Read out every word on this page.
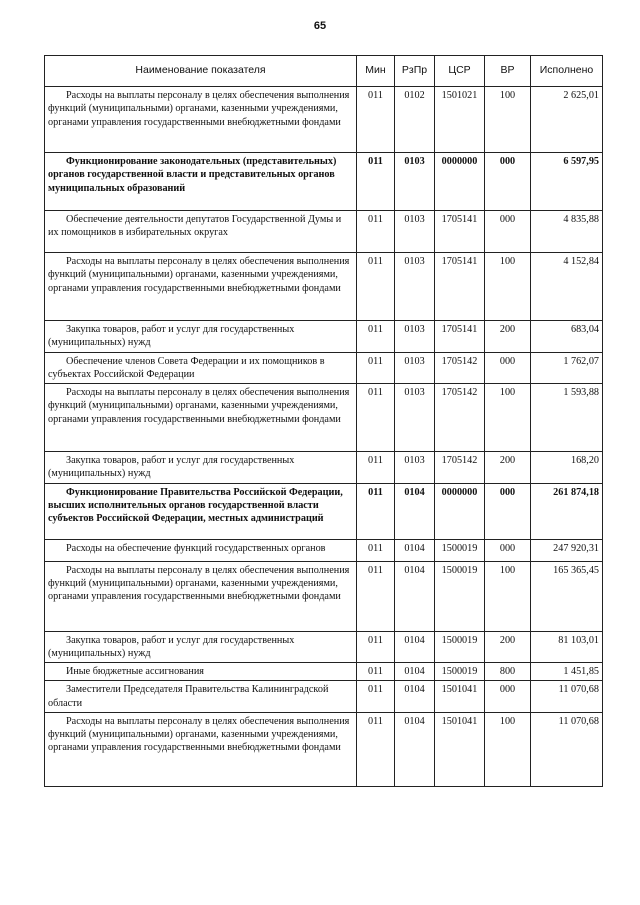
65
Наименование показателя	Мин	РзПр	ЦСР	ВР	Исполнено
Расходы на выплаты персоналу в целях обеспечения выполнения функций (муниципальными) органами, казенными учреждениями, органами управления государственными внебюджетными фондами	011	0102	1501021	100	2 625,01
Функционирование законодательных (представительных) органов государственной власти и представительных органов муниципальных образований	011	0103	0000000	000	6 597,95
Обеспечение деятельности депутатов Государственной Думы и их помощников в избирательных округах	011	0103	1705141	000	4 835,88
Расходы на выплаты персоналу в целях обеспечения выполнения функций (муниципальными) органами, казенными учреждениями, органами управления государственными внебюджетными фондами	011	0103	1705141	100	4 152,84
Закупка товаров, работ и услуг для государственных (муниципальных) нужд	011	0103	1705141	200	683,04
Обеспечение членов Совета Федерации и их помощников в субъектах Российской Федерации	011	0103	1705142	000	1 762,07
Расходы на выплаты персоналу в целях обеспечения выполнения функций (муниципальными) органами, казенными учреждениями, органами управления государственными внебюджетными фондами	011	0103	1705142	100	1 593,88
Закупка товаров, работ и услуг для государственных (муниципальных) нужд	011	0103	1705142	200	168,20
Функционирование Правительства Российской Федерации, высших исполнительных органов государственной власти субъектов Российской Федерации, местных администраций	011	0104	0000000	000	261 874,18
Расходы на обеспечение функций государственных органов	011	0104	1500019	000	247 920,31
Расходы на выплаты персоналу в целях обеспечения выполнения функций (муниципальными) органами, казенными учреждениями, органами управления государственными внебюджетными фондами	011	0104	1500019	100	165 365,45
Закупка товаров, работ и услуг для государственных (муниципальных) нужд	011	0104	1500019	200	81 103,01
Иные бюджетные ассигнования	011	0104	1500019	800	1 451,85
Заместители Председателя Правительства Калининградской области	011	0104	1501041	000	11 070,68
Расходы на выплаты персоналу в целях обеспечения выполнения функций (муниципальными) органами, казенными учреждениями, органами управления государственными внебюджетными фондами	011	0104	1501041	100	11 070,68
